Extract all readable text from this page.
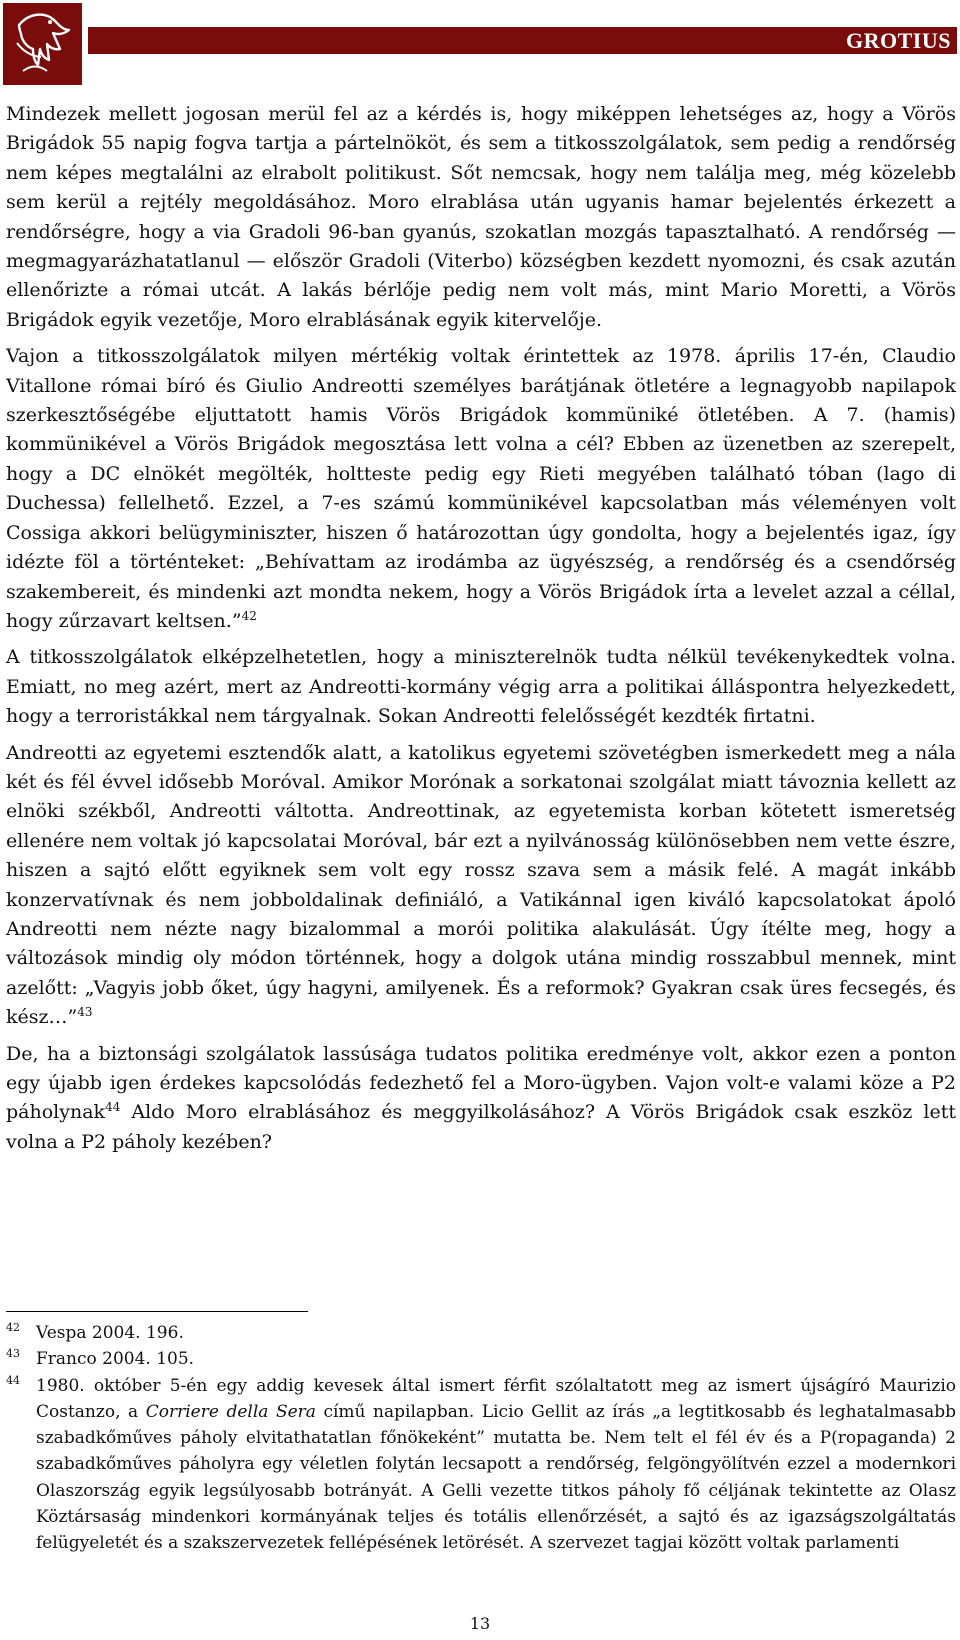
GROTIUS

Mindezek mellett jogosan merül fel az a kérdés is, hogy miképpen lehetséges az, hogy a Vörös Brigádok 55 napig fogva tartja a pártelnököt, és sem a titkosszolgálatok, sem pedig a rendőrség nem képes megtalálni az elrabolt politikust. Sőt nemcsak, hogy nem találja meg, még közelebb sem kerül a rejtély megoldásához. Moro elrablása után ugyanis hamar bejelentés érkezett a rendőrségre, hogy a via Gradoli 96-ban gyanús, szokatlan mozgás tapasztalható. A rendőrség — megmagyarázhatatlanul — először Gradoli (Viterbo) községben kezdett nyomozni, és csak azután ellenőrizte a római utcát. A lakás bérlője pedig nem volt más, mint Mario Moretti, a Vörös Brigádok egyik vezetője, Moro elrablásának egyik kitervelője.

Vajon a titkosszolgálatok milyen mértékig voltak érintettek az 1978. április 17-én, Claudio Vitallone római bíró és Giulio Andreotti személyes barátjának ötletére a legnagyobb napilapok szerkesztőségébe eljuttatott hamis Vörös Brigádok kommüniké ötletében. A 7. (hamis) kommünikével a Vörös Brigádok megosztása lett volna a cél? Ebben az üzenetben az szerepelt, hogy a DC elnökét megölték, holttestе pedig egy Rieti megyében található tóban (lago di Duchessa) fellelhető. Ezzel, a 7-es számú kommünikével kapcsolatban más véleményen volt Cossiga akkori belügyminiszter, hiszen ő határozottan úgy gondolta, hogy a bejelentés igaz, így idézte föl a történteket: „Behívattam az irodámba az ügyészség, a rendőrség és a csendőrség szakembereit, és mindenki azt mondta nekem, hogy a Vörös Brigádok írta a levelet azzal a céllal, hogy zűrzavart keltsen.”$^{42}$

A titkosszolgálatok elképzelhetetlen, hogy a miniszterelnök tudta nélkül tevékenykedtek volna. Emiatt, no meg azért, mert az Andreotti-kormány végig arra a politikai álláspontra helyezkedett, hogy a terroristákkal nem tárgyalnak. Sokan Andreotti felelősségét kezdték firtatni.

Andreotti az egyetemi esztendők alatt, a katolikus egyetemi szövetégben ismerkedett meg a nála két és fél évvel idősebb Moróval. Amikor Morónak a sorkatonai szolgálat miatt távoznia kellett az elnöki székből, Andreotti váltotta. Andreottinak, az egyetemista korban kötetett ismeretség ellenére nem voltak jó kapcsolatai Moróval, bár ezt a nyilvánosság különösebben nem vette észre, hiszen a sajtó előtt egyiknek sem volt egy rossz szava sem a másik felé. A magát inkább konzervatívnak és nem jobboldalinak definiáló, a Vatikánnal igen kiváló kapcsolatokat ápoló Andreotti nem nézte nagy bizalommal a morói politika alakulását. Úgy ítélte meg, hogy a változások mindig oly módon történnek, hogy a dolgok utána mindig rosszabbul mennek, mint azelőtt: „Vagyis jobb őket, úgy hagyni, amilyenek. És a reformok? Gyakran csak üres fecsegés, és kész…”$^{43}$

De, ha a biztonsági szolgálatok lassúsága tudatos politika eredménye volt, akkor ezen a ponton egy újabb igen érdekes kapcsolódás fedezhető fel a Moro-ügyben. Vajon volt-e valami köze a P2 páholynak$^{44}$ Aldo Moro elrablásához és meggyilkolásához? A Vörös Brigádok csak eszköz lett volna a P2 páholy kezében?

42 Vespa 2004. 196.
43 Franco 2004. 105.
44 1980. október 5-én egy addig kevesek által ismert férfit szólaltatott meg az ismert újságíró Maurizio Costanzo, a Corriere della Sera című napilapban. Licio Gellit az írás „a legtitkosabb és leghatalmasabb szabadkőműves páholy elvitathatatlan főnökeként” mutatta be. Nem telt el fél év és a P(ropaganda) 2 szabadkőműves páholyra egy véletlen folytán lecsapott a rendőrség, felgöngyölítvén ezzel a modernkori Olaszország egyik legsúlyosabb botrányát. A Gelli vezette titkos páholy fő céljának tekintette az Olasz Köztársaság mindenkori kormányának teljes és totális ellenőrzését, a sajtó és az igazságszolgáltatás felügyeletét és a szakszervezetek fellépésének letörését. A szervezet tagjai között voltak parlamenti
13
